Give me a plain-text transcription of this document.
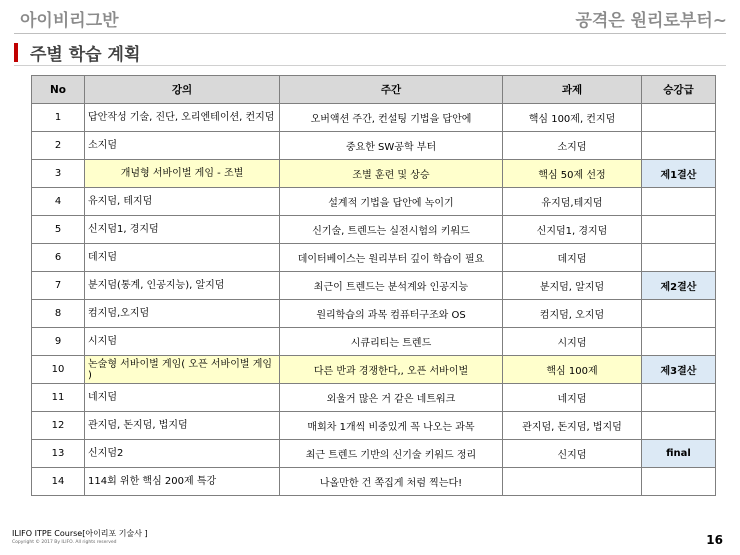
아이비리그반	공격은 원리로부터~
주별 학습 계획
No	강의	주간	과제	승강급
1	답안작성 기술, 진단, 오리엔테이션, 컨지덤	오버액션 주간, 컨설팅 기법을 답안에	핵심 100제, 컨지덤	
2	소지덤	중요한 SW공학 부터	소지덤	
3	개념형 서바이벌 게임 - 조별	조별 훈련 및 상승	핵심 50제 선정	제1결산
4	유지덤, 테지덤	설계적 기법을 답안에 녹이기	유지덤,테지덤	
5	신지덤1, 경지덤	신기술, 트렌드는 실전시험의 키워드	신지덤1, 경지덤	
6	데지덤	데이터베이스는 원리부터 깊이 학습이 필요	데지덤	
7	분지덤(통계, 인공지능), 알지덤	최근이 트렌드는 분석계와 인공지능	분지덤, 알지덤	제2결산
8	컴지덤,오지덤	원리학습의 과목 컴퓨터구조와 OS	컴지덤, 오지덤	
9	시지덤	시큐리티는 트렌드	시지덤	
10	논술형 서바이벌 게임( 오픈 서바이벌 게임 )	다른 반과 경쟁한다,, 오픈 서바이벌	핵심 100제	제3결산
11	네지덤	외울거 많은 거 같은 네트워크	네지덤	
12	관지덤, 돈지덤, 법지덤	매회차 1개씩 비중있게 꼭 나오는 과목	관지덤, 돈지덤, 법지덤	
13	신지덤2	최근 트렌드 기반의 신기술 키워드 정리	신지덤	final
14	114회 위한 핵심 200제 특강	나올만한 건 쪽집게 처럼 찍는다!		
ILIFO ITPE Course[아이리포 기술사 ]
Copyright © 2017 By ILIFO. All rights reserved	16
